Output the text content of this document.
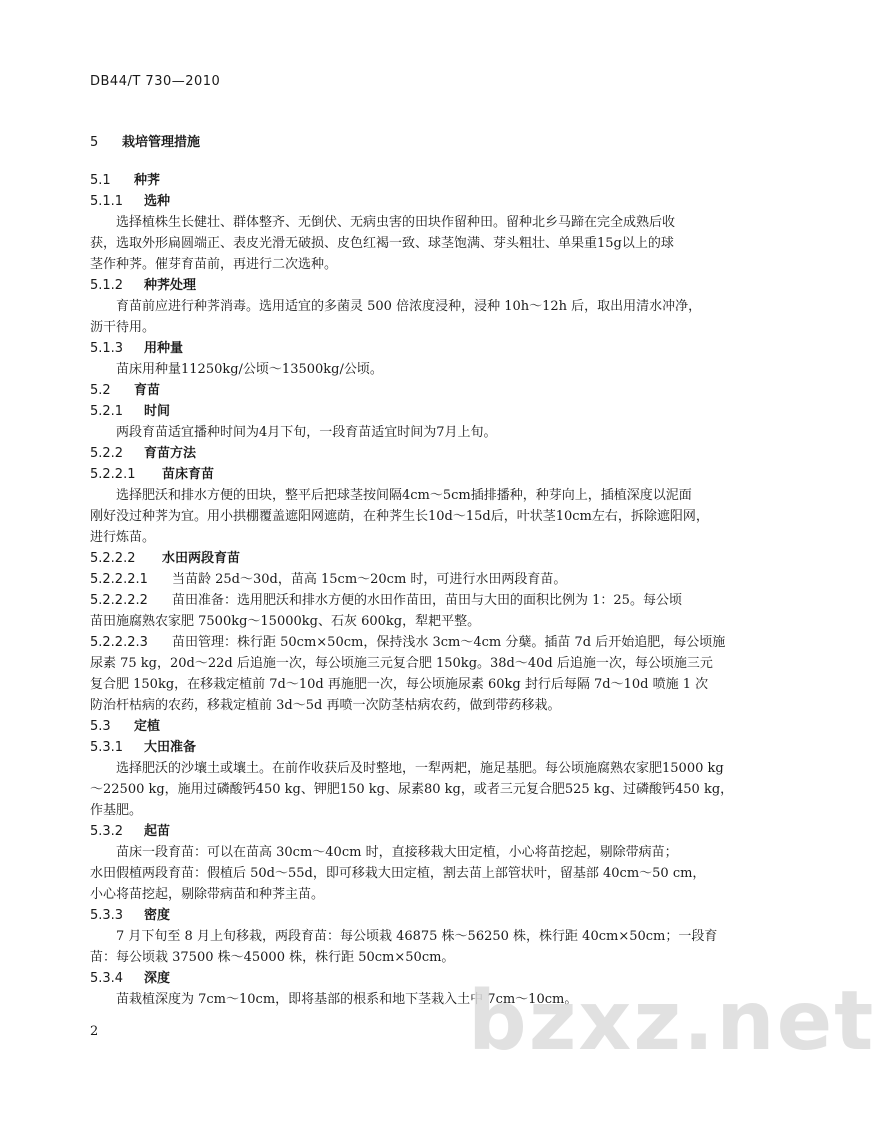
DB44/T 730—2010
5 栽培管理措施
5.1 种荠
5.1.1 选种
选择植株生长健壮、群体整齐、无倒伏、无病虫害的田块作留种田。留种北乡马蹄在完全成熟后收
获，选取外形扁圆端正、表皮光滑无破损、皮色红褐一致、球茎饱满、芽头粗壮、单果重15g以上的球
茎作种荠。催芽育苗前，再进行二次选种。
5.1.2 种荠处理
育苗前应进行种荠消毒。选用适宜的多菌灵 500 倍浓度浸种，浸种 10h～12h 后，取出用清水冲净，
沥干待用。
5.1.3 用种量
苗床用种量11250kg/公顷～13500kg/公顷。
5.2 育苗
5.2.1 时间
两段育苗适宜播种时间为4月下旬，一段育苗适宜时间为7月上旬。
5.2.2 育苗方法
5.2.2.1 苗床育苗
选择肥沃和排水方便的田块，整平后把球茎按间隔4cm～5cm插排播种，种芽向上，插植深度以泥面
刚好没过种荠为宜。用小拱棚覆盖遮阳网遮荫，在种荠生长10d～15d后，叶状茎10cm左右，拆除遮阳网，
进行炼苗。
5.2.2.2 水田两段育苗
5.2.2.2.1 当苗龄 25d～30d，苗高 15cm～20cm 时，可进行水田两段育苗。
5.2.2.2.2 苗田准备：选用肥沃和排水方便的水田作苗田，苗田与大田的面积比例为 1：25。每公顷
苗田施腐熟农家肥 7500kg～15000kg、石灰 600kg，犁耙平整。
5.2.2.2.3 苗田管理：株行距 50cm×50cm，保持浅水 3cm～4cm 分蘖。插苗 7d 后开始追肥，每公顷施
尿素 75 kg，20d～22d 后追施一次，每公顷施三元复合肥 150kg。38d～40d 后追施一次，每公顷施三元
复合肥 150kg，在移栽定植前 7d～10d 再施肥一次，每公顷施尿素 60kg 封行后每隔 7d～10d 喷施 1 次
防治杆枯病的农药，移栽定植前 3d～5d 再喷一次防茎枯病农药，做到带药移栽。
5.3 定植
5.3.1 大田准备
选择肥沃的沙壤土或壤土。在前作收获后及时整地，一犁两耙，施足基肥。每公顷施腐熟农家肥15000 kg
～22500 kg，施用过磷酸钙450 kg、钾肥150 kg、尿素80 kg，或者三元复合肥525 kg、过磷酸钙450 kg，
作基肥。
5.3.2 起苗
苗床一段育苗：可以在苗高 30cm～40cm 时，直接移栽大田定植，小心将苗挖起，剔除带病苗；
水田假植两段育苗：假植后 50d～55d，即可移栽大田定植，割去苗上部管状叶，留基部 40cm～50 cm，
小心将苗挖起，剔除带病苗和种荠主苗。
5.3.3 密度
7 月下旬至 8 月上旬移栽，两段育苗：每公顷栽 46875 株～56250 株，株行距 40cm×50cm；一段育
苗：每公顷栽 37500 株～45000 株，株行距 50cm×50cm。
5.3.4 深度
苗栽植深度为 7cm～10cm，即将基部的根系和地下茎栽入土中 7cm～10cm。
2	bzxz.net
